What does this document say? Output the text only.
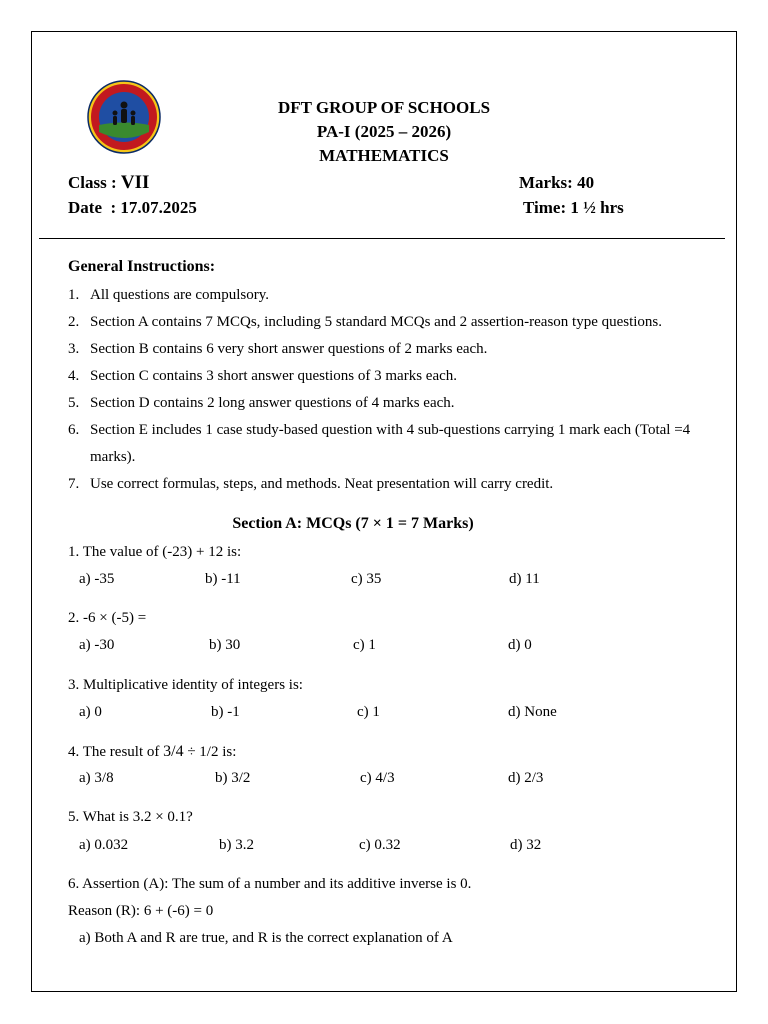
DFT GROUP OF SCHOOLS
PA-I (2025 – 2026)
MATHEMATICS
Class : VII
Date  : 17.07.2025
Marks: 40
Time: 1 ½ hrs
General Instructions:
1. All questions are compulsory.
2. Section A contains 7 MCQs, including 5 standard MCQs and 2 assertion-reason type questions.
3. Section B contains 6 very short answer questions of 2 marks each.
4. Section C contains 3 short answer questions of 3 marks each.
5. Section D contains 2 long answer questions of 4 marks each.
6. Section E includes 1 case study-based question with 4 sub-questions carrying 1 mark each (Total =4
marks).
7. Use correct formulas, steps, and methods. Neat presentation will carry credit.
Section A: MCQs (7 × 1 = 7 Marks)
1. The value of (-23) + 12 is:
a) -35	b) -11	c) 35	d) 11
2. -6 × (-5) =
a) -30	b) 30	c) 1	d) 0
3. Multiplicative identity of integers is:
a) 0	b) -1	c) 1	d) None
4. The result of 3/4 ÷ 1/2 is:
a) 3/8	b) 3/2	c) 4/3	d) 2/3
5. What is 3.2 × 0.1?
a) 0.032	b) 3.2	c) 0.32	d) 32
6. Assertion (A): The sum of a number and its additive inverse is 0.
Reason (R): 6 + (-6) = 0
a) Both A and R are true, and R is the correct explanation of A
